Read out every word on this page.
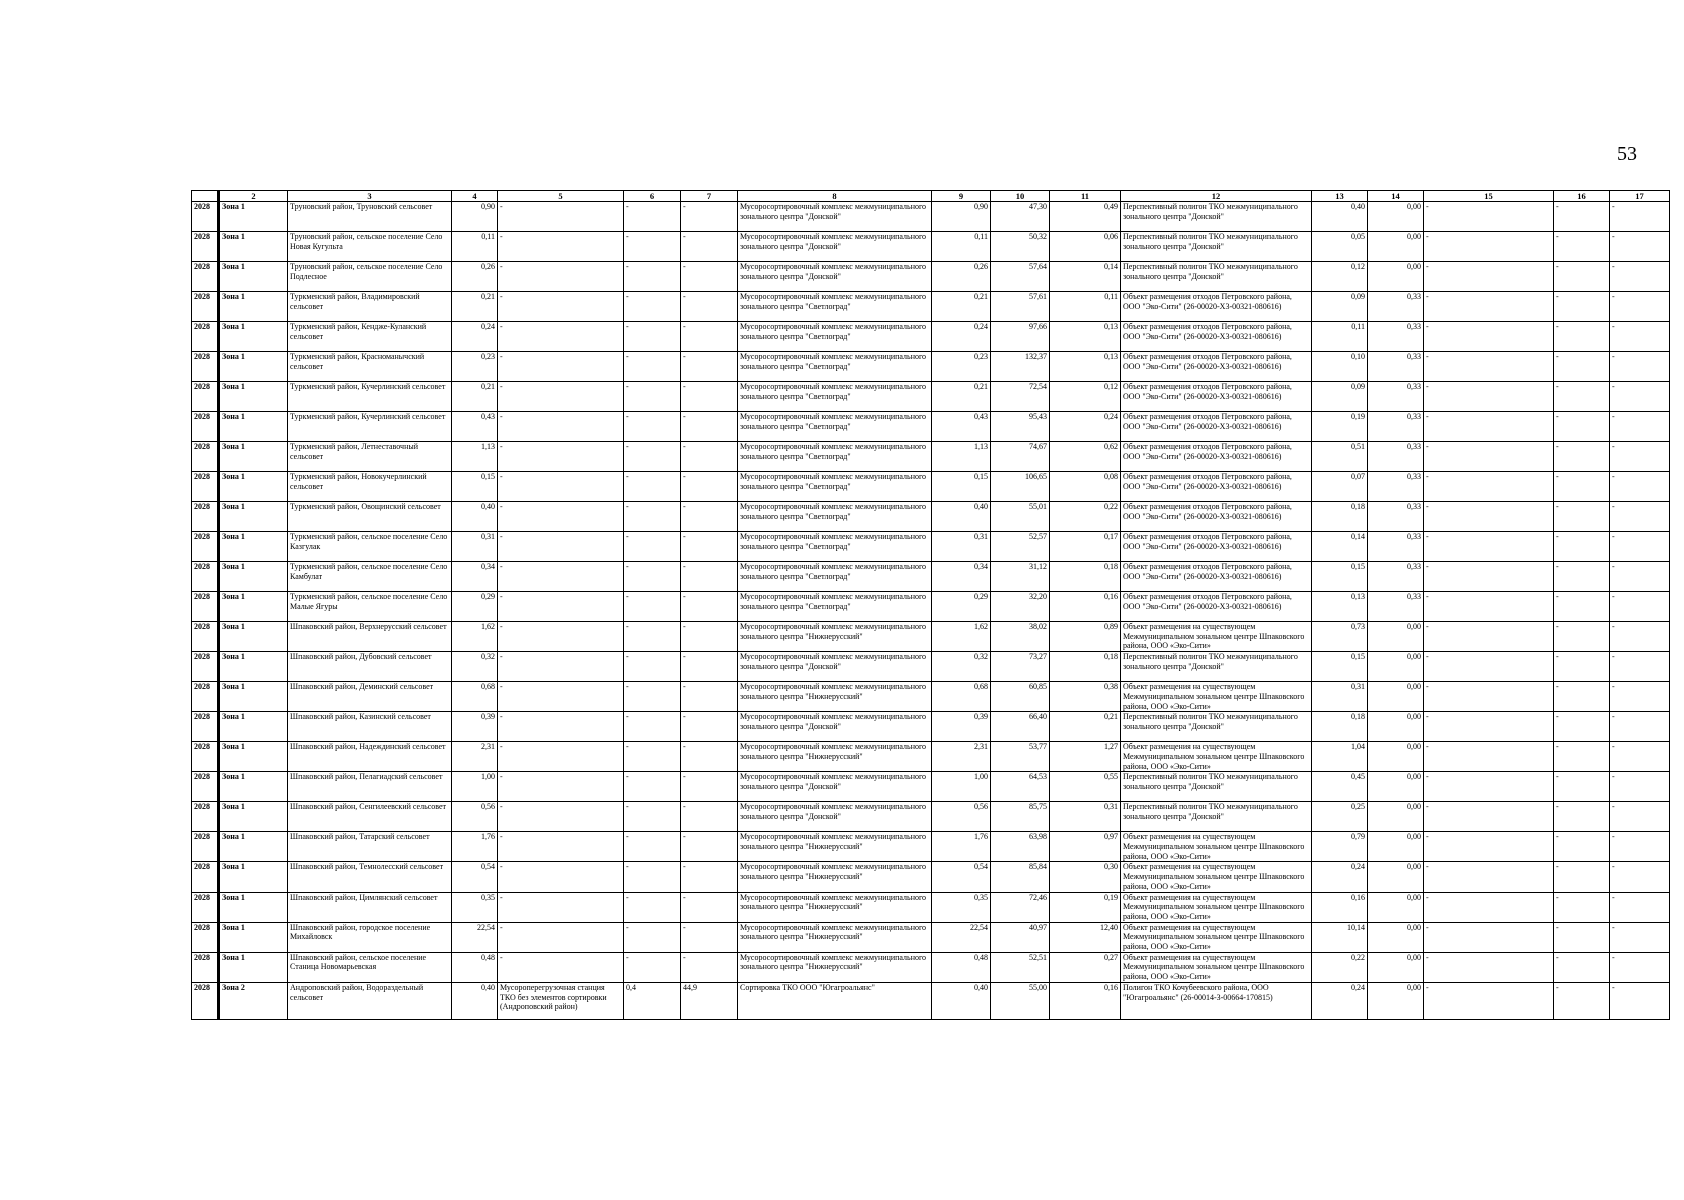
53
	2	3	4	5	6	7	8	9	10	11	12	13	14	15	16	17
2028	Зона 1	Труновский район, Труновский сельсовет	0,90	-	-	-	Мусоросортировочный комплекс межмуниципального зонального центра "Донской"	0,90	47,30	0,49	Перспективный полигон ТКО межмуниципального зонального центра "Донской"	0,40	0,00	-	-	-
2028	Зона 1	Труновский район, сельское поселение Село Новая Кугульта	0,11	-	-	-	Мусоросортировочный комплекс межмуниципального зонального центра "Донской"	0,11	50,32	0,06	Перспективный полигон ТКО межмуниципального зонального центра "Донской"	0,05	0,00	-	-	-
2028	Зона 1	Труновский район, сельское поселение Село Подлесное	0,26	-	-	-	Мусоросортировочный комплекс межмуниципального зонального центра "Донской"	0,26	57,64	0,14	Перспективный полигон ТКО межмуниципального зонального центра "Донской"	0,12	0,00	-	-	-
2028	Зона 1	Туркменский район, Владимировский сельсовет	0,21	-	-	-	Мусоросортировочный комплекс межмуниципального зонального центра "Светлоград"	0,21	57,61	0,11	Объект размещения отходов Петровского района, ООО "Эко-Сити" (26-00020-Х3-00321-080616)	0,09	0,33	-	-	-
2028	Зона 1	Туркменский район, Кендже-Куланский сельсовет	0,24	-	-	-	Мусоросортировочный комплекс межмуниципального зонального центра "Светлоград"	0,24	97,66	0,13	Объект размещения отходов Петровского района, ООО "Эко-Сити" (26-00020-Х3-00321-080616)	0,11	0,33	-	-	-
2028	Зона 1	Туркменский район, Красноманычский сельсовет	0,23	-	-	-	Мусоросортировочный комплекс межмуниципального зонального центра "Светлоград"	0,23	132,37	0,13	Объект размещения отходов Петровского района, ООО "Эко-Сити" (26-00020-Х3-00321-080616)	0,10	0,33	-	-	-
2028	Зона 1	Туркменский район, Кучерлинский сельсовет	0,21	-	-	-	Мусоросортировочный комплекс межмуниципального зонального центра "Светлоград"	0,21	72,54	0,12	Объект размещения отходов Петровского района, ООО "Эко-Сити" (26-00020-Х3-00321-080616)	0,09	0,33	-	-	-
2028	Зона 1	Туркменский район, Кучерлинский сельсовет	0,43	-	-	-	Мусоросортировочный комплекс межмуниципального зонального центра "Светлоград"	0,43	95,43	0,24	Объект размещения отходов Петровского района, ООО "Эко-Сити" (26-00020-Х3-00321-080616)	0,19	0,33	-	-	-
2028	Зона 1	Туркменский район, Летнеставочный сельсовет	1,13	-	-	-	Мусоросортировочный комплекс межмуниципального зонального центра "Светлоград"	1,13	74,67	0,62	Объект размещения отходов Петровского района, ООО "Эко-Сити" (26-00020-Х3-00321-080616)	0,51	0,33	-	-	-
2028	Зона 1	Туркменский район, Новокучерлинский сельсовет	0,15	-	-	-	Мусоросортировочный комплекс межмуниципального зонального центра "Светлоград"	0,15	106,65	0,08	Объект размещения отходов Петровского района, ООО "Эко-Сити" (26-00020-Х3-00321-080616)	0,07	0,33	-	-	-
2028	Зона 1	Туркменский район, Овощинский сельсовет	0,40	-	-	-	Мусоросортировочный комплекс межмуниципального зонального центра "Светлоград"	0,40	55,01	0,22	Объект размещения отходов Петровского района, ООО "Эко-Сити" (26-00020-Х3-00321-080616)	0,18	0,33	-	-	-
2028	Зона 1	Туркменский район, сельское поселение Село Казгулак	0,31	-	-	-	Мусоросортировочный комплекс межмуниципального зонального центра "Светлоград"	0,31	52,57	0,17	Объект размещения отходов Петровского района, ООО "Эко-Сити" (26-00020-Х3-00321-080616)	0,14	0,33	-	-	-
2028	Зона 1	Туркменский район, сельское поселение Село Камбулат	0,34	-	-	-	Мусоросортировочный комплекс межмуниципального зонального центра "Светлоград"	0,34	31,12	0,18	Объект размещения отходов Петровского района, ООО "Эко-Сити" (26-00020-Х3-00321-080616)	0,15	0,33	-	-	-
2028	Зона 1	Туркменский район, сельское поселение Село Малые Ягуры	0,29	-	-	-	Мусоросортировочный комплекс межмуниципального зонального центра "Светлоград"	0,29	32,20	0,16	Объект размещения отходов Петровского района, ООО "Эко-Сити" (26-00020-Х3-00321-080616)	0,13	0,33	-	-	-
2028	Зона 1	Шпаковский район, Верхнерусский сельсовет	1,62	-	-	-	Мусоросортировочный комплекс межмуниципального зонального центра "Нижнерусский"	1,62	38,02	0,89	Объект размещения на существующем Межмуниципальном зональном центре Шпаковского района, ООО «Эко-Сити»	0,73	0,00	-	-	-
2028	Зона 1	Шпаковский район, Дубовский сельсовет	0,32	-	-	-	Мусоросортировочный комплекс межмуниципального зонального центра "Донской"	0,32	73,27	0,18	Перспективный полигон ТКО межмуниципального зонального центра "Донской"	0,15	0,00	-	-	-
2028	Зона 1	Шпаковский район, Деминский сельсовет	0,68	-	-	-	Мусоросортировочный комплекс межмуниципального зонального центра "Нижнерусский"	0,68	60,85	0,38	Объект размещения на существующем Межмуниципальном зональном центре Шпаковского района, ООО «Эко-Сити»	0,31	0,00	-	-	-
2028	Зона 1	Шпаковский район, Казинский сельсовет	0,39	-	-	-	Мусоросортировочный комплекс межмуниципального зонального центра "Донской"	0,39	66,40	0,21	Перспективный полигон ТКО межмуниципального зонального центра "Донской"	0,18	0,00	-	-	-
2028	Зона 1	Шпаковский район, Надеждинский сельсовет	2,31	-	-	-	Мусоросортировочный комплекс межмуниципального зонального центра "Нижнерусский"	2,31	53,77	1,27	Объект размещения на существующем Межмуниципальном зональном центре Шпаковского района, ООО «Эко-Сити»	1,04	0,00	-	-	-
2028	Зона 1	Шпаковский район, Пелагиадский сельсовет	1,00	-	-	-	Мусоросортировочный комплекс межмуниципального зонального центра "Донской"	1,00	64,53	0,55	Перспективный полигон ТКО межмуниципального зонального центра "Донской"	0,45	0,00	-	-	-
2028	Зона 1	Шпаковский район, Сенгилеевский сельсовет	0,56	-	-	-	Мусоросортировочный комплекс межмуниципального зонального центра "Донской"	0,56	85,75	0,31	Перспективный полигон ТКО межмуниципального зонального центра "Донской"	0,25	0,00	-	-	-
2028	Зона 1	Шпаковский район, Татарский сельсовет	1,76	-	-	-	Мусоросортировочный комплекс межмуниципального зонального центра "Нижнерусский"	1,76	63,98	0,97	Объект размещения на существующем Межмуниципальном зональном центре Шпаковского района, ООО «Эко-Сити»	0,79	0,00	-	-	-
2028	Зона 1	Шпаковский район, Темнолесский сельсовет	0,54	-	-	-	Мусоросортировочный комплекс межмуниципального зонального центра "Нижнерусский"	0,54	85,84	0,30	Объект размещения на существующем Межмуниципальном зональном центре Шпаковского района, ООО «Эко-Сити»	0,24	0,00	-	-	-
2028	Зона 1	Шпаковский район, Цимлянский сельсовет	0,35	-	-	-	Мусоросортировочный комплекс межмуниципального зонального центра "Нижнерусский"	0,35	72,46	0,19	Объект размещения на существующем Межмуниципальном зональном центре Шпаковского района, ООО «Эко-Сити»	0,16	0,00	-	-	-
2028	Зона 1	Шпаковский район, городское поселение Михайловск	22,54	-	-	-	Мусоросортировочный комплекс межмуниципального зонального центра "Нижнерусский"	22,54	40,97	12,40	Объект размещения на существующем Межмуниципальном зональном центре Шпаковского района, ООО «Эко-Сити»	10,14	0,00	-	-	-
2028	Зона 1	Шпаковский район, сельское поселение Станица Новомарьевская	0,48	-	-	-	Мусоросортировочный комплекс межмуниципального зонального центра "Нижнерусский"	0,48	52,51	0,27	Объект размещения на существующем Межмуниципальном зональном центре Шпаковского района, ООО «Эко-Сити»	0,22	0,00	-	-	-
2028	Зона 2	Андроповский район, Водораздельный сельсовет	0,40	Мусороперегрузочная станция ТКО без элементов сортировки (Андроповский район)	0,4	44,9	Сортировка ТКО ООО "Югагроальянс"	0,40	55,00	0,16	Полигон ТКО Кочубеевского района, ООО "Югагроальянс" (26-00014-З-00664-170815)	0,24	0,00	-	-	-
